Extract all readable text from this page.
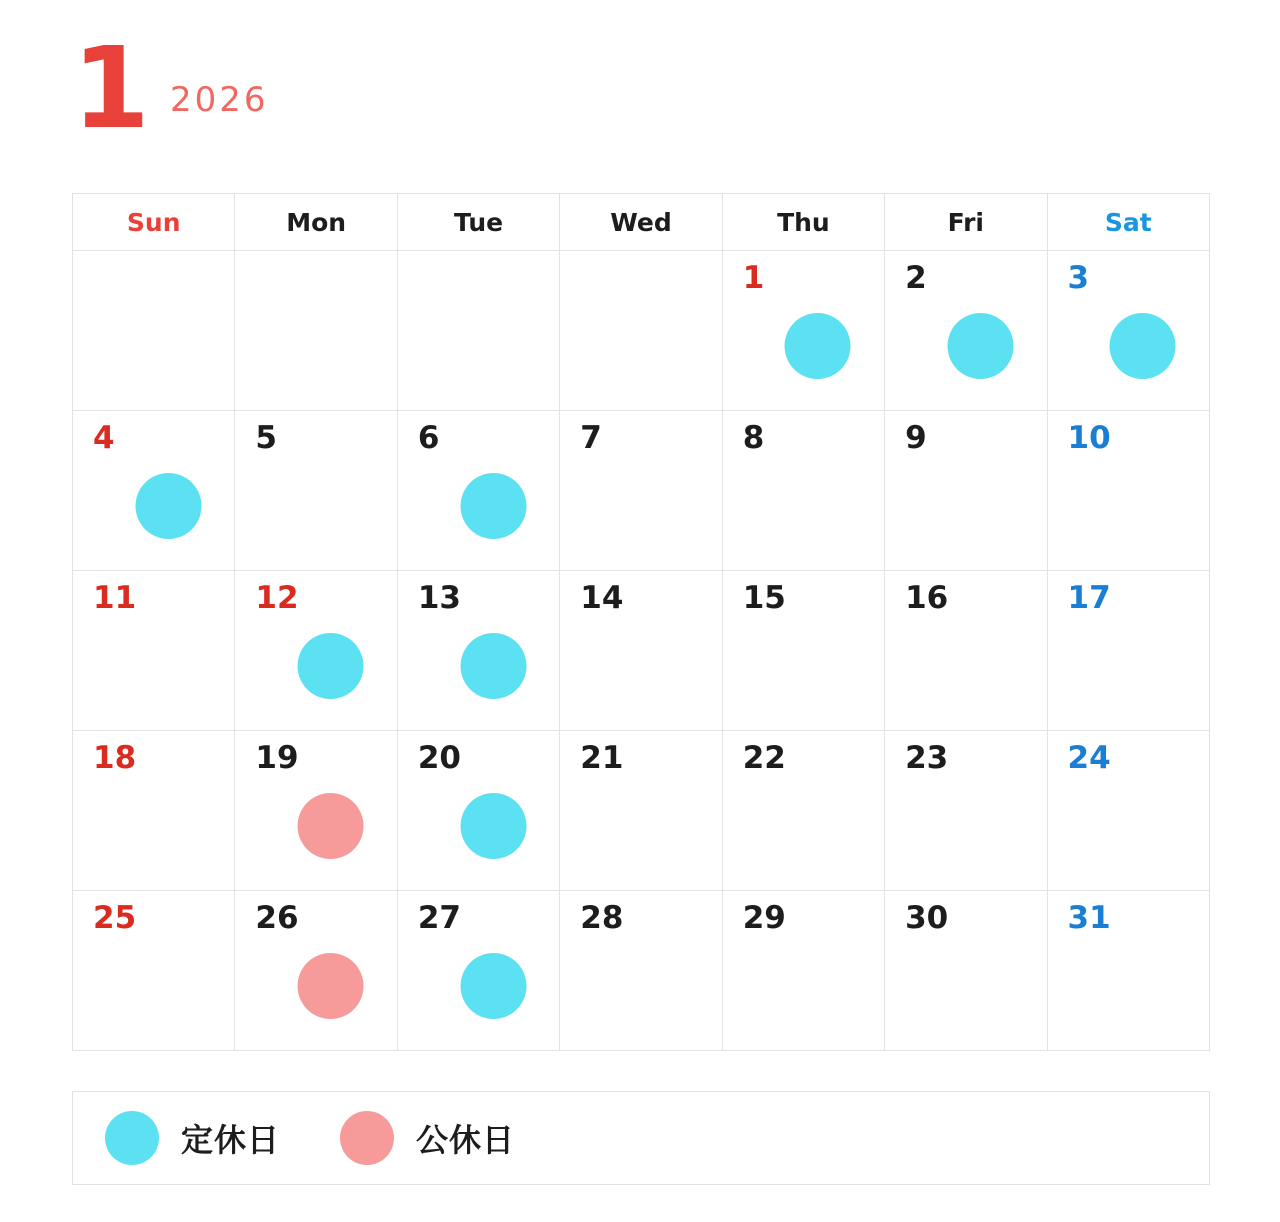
1 2026
Sun	Mon	Tue	Wed	Thu	Fri	Sat

				1	2	3

4	5	6	7	8	9	10

11	12	13	14	15	16	17

18	19	20	21	22	23	24

25	26	27	28	29	30	31
定休日	公休日
